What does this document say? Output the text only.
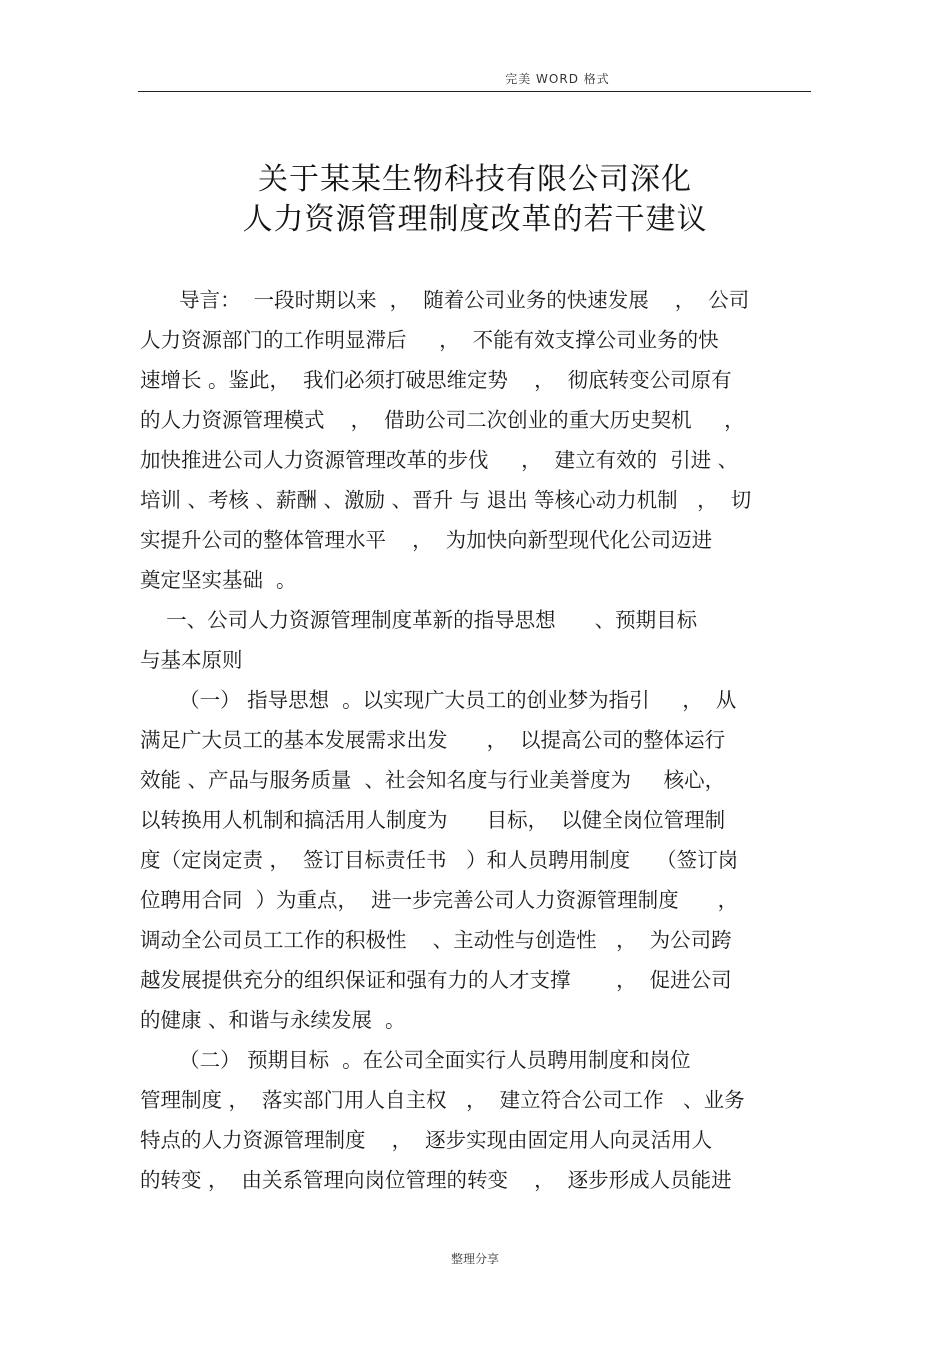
完美 WORD 格式
关于某某生物科技有限公司深化
人力资源管理制度改革的若干建议
导言：  一段时期以来  ，  随着公司业务的快速发展    ，  公司
人力资源部门的工作明显滞后     ，  不能有效支撑公司业务的快
速增长 。鉴此，  我们必须打破思维定势    ，  彻底转变公司原有
的人力资源管理模式    ，  借助公司二次创业的重大历史契机     ，
加快推进公司人力资源管理改革的步伐     ，  建立有效的  引进 、
培训 、考核 、薪酬 、激励 、晋升 与 退出 等核心动力机制   ，  切
实提升公司的整体管理水平    ，  为加快向新型现代化公司迈进
奠定坚实基础  。
一、公司人力资源管理制度革新的指导思想      、预期目标
与基本原则
（一） 指导思想  。以实现广大员工的创业梦为指引     ，  从
满足广大员工的基本发展需求出发      ，  以提高公司的整体运行
效能 、产品与服务质量  、社会知名度与行业美誉度为     核心，
以转换用人机制和搞活用人制度为      目标，  以健全岗位管理制
度（定岗定责 ，  签订目标责任书   ）和人员聘用制度    （签订岗
位聘用合同  ）为重点，  进一步完善公司人力资源管理制度      ，
调动全公司员工工作的积极性    、主动性与创造性   ，  为公司跨
越发展提供充分的组织保证和强有力的人才支撑       ，  促进公司
的健康 、和谐与永续发展  。
（二） 预期目标  。在公司全面实行人员聘用制度和岗位
管理制度 ，  落实部门用人自主权   ，  建立符合公司工作   、业务
特点的人力资源管理制度    ，  逐步实现由固定用人向灵活用人
的转变 ，  由关系管理向岗位管理的转变    ，  逐步形成人员能进
整理分享
